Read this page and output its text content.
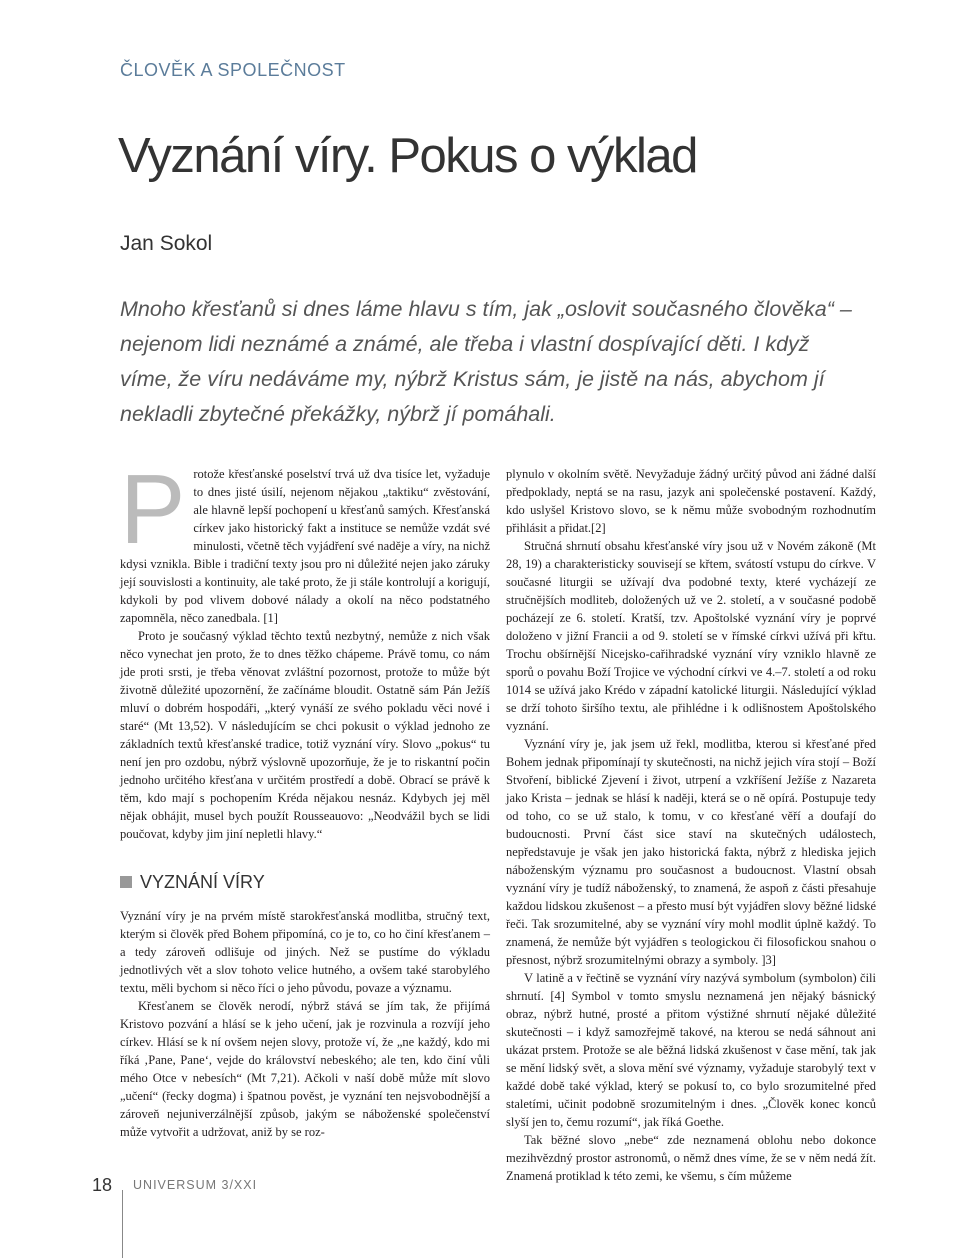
ČLOVĚK A SPOLEČNOST
Vyznání víry. Pokus o výklad
Jan Sokol

Mnoho křesťanů si dnes láme hlavu s tím, jak „oslovit současného člověka“ – nejenom lidi neznámé a známé, ale třeba i vlastní dospívající děti. I když víme, že víru nedáváme my, nýbrž Kristus sám, je jistě na nás, abychom jí nekladli zbytečné překážky, nýbrž jí pomáhali.

P rotože křesťanské poselství trvá už dva tisíce let, vyžaduje to dnes jisté úsilí, nejenom nějakou „taktiku“ zvěstování, ale hlavně lepší pochopení u křesťanů samých. Křesťanská církev jako historický fakt a instituce se nemůže vzdát své minulosti, včetně těch vyjádření své naděje a víry, na nichž kdysi vznikla. Bible i tradiční texty jsou pro ni důležité nejen jako záruky její souvislosti a kontinuity, ale také proto, že ji stále kontrolují a korigují, kdykoli by pod vlivem dobové nálady a okolí na něco podstatného zapomněla, něco zanedbala. [1]

Proto je současný výklad těchto textů nezbytný, nemůže z nich však něco vynechat jen proto, že to dnes těžko chápeme. Právě tomu, co nám jde proti srsti, je třeba věnovat zvláštní pozornost, protože to může být životně důležité upozornění, že začínáme bloudit. Ostatně sám Pán Ježíš mluví o dobrém hospodáři, „který vynáší ze svého pokladu věci nové i staré“ (Mt 13,52). V následujícím se chci pokusit o výklad jednoho ze základních textů křesťanské tradice, totiž vyznání víry. Slovo „pokus“ tu není jen pro ozdobu, nýbrž výslovně upozorňuje, že je to riskantní počin jednoho určitého křesťana v určitém prostředí a době. Obrací se právě k těm, kdo mají s pochopením Kréda nějakou nesnáz. Kdybych jej měl nějak obhájit, musel bych použít Rousseauovo: „Neodvážil bych se lidi poučovat, kdyby jim jiní nepletli hlavy.“

VYZNÁNÍ VÍRY

Vyznání víry je na prvém místě starokřesťanská modlitba, stručný text, kterým si člověk před Bohem připomíná, co je to, co ho činí křesťanem – a tedy zároveň odlišuje od jiných. Než se pustíme do výkladu jednotlivých vět a slov tohoto velice hutného, a ovšem také starobylého textu, měli bychom si něco říci o jeho původu, povaze a významu.

Křesťanem se člověk nerodí, nýbrž stává se jím tak, že přijímá Kristovo pozvání a hlásí se k jeho učení, jak je rozvinula a rozvíjí jeho církev. Hlásí se k ní ovšem nejen slovy, protože ví, že „ne každý, kdo mi říká ‚Pane, Pane‘, vejde do království nebeského; ale ten, kdo činí vůli mého Otce v nebesích“ (Mt 7,21). Ačkoli v naší době může mít slovo „učení“ (řecky dogma) i špatnou pověst, je vyznání ten nejsvobodnější a zároveň nejuniverzálnější způsob, jakým se náboženské společenství může vytvořit a udržovat, aniž by se roz-

plynulo v okolním světě. Nevyžaduje žádný určitý původ ani žádné další předpoklady, neptá se na rasu, jazyk ani společenské postavení. Každý, kdo uslyšel Kristovo slovo, se k němu může svobodným rozhodnutím přihlásit a přidat.[2]

Stručná shrnutí obsahu křesťanské víry jsou už v Novém zákoně (Mt 28, 19) a charakteristicky souvisejí se křtem, svátostí vstupu do církve. V současné liturgii se užívají dva podobné texty, které vycházejí ze stručnějších modliteb, doložených už ve 2. století, a v současné podobě pocházejí ze 6. století. Kratší, tzv. Apoštolské vyznání víry je poprvé doloženo v jižní Francii a od 9. století se v římské církvi užívá při křtu. Trochu obšírnější Nicejsko-cařihradské vyznání víry vzniklo hlavně ze sporů o povahu Boží Trojice ve východní církvi ve 4.–7. století a od roku 1014 se užívá jako Krédo v západní katolické liturgii. Následující výklad se drží tohoto širšího textu, ale přihlédne i k odlišnostem Apoštolského vyznání.

Vyznání víry je, jak jsem už řekl, modlitba, kterou si křesťané před Bohem jednak připomínají ty skutečnosti, na nichž jejich víra stojí – Boží Stvoření, biblické Zjevení i život, utrpení a vzkříšení Ježíše z Nazareta jako Krista – jednak se hlásí k naději, která se o ně opírá. Postupuje tedy od toho, co se už stalo, k tomu, v co křesťané věří a doufají do budoucnosti. První část sice staví na skutečných událostech, nepředstavuje je však jen jako historická fakta, nýbrž z hlediska jejich náboženským významu pro současnost a budoucnost. Vlastní obsah vyznání víry je tudíž náboženský, to znamená, že aspoň z části přesahuje každou lidskou zkušenost – a přesto musí být vyjádřen slovy běžné lidské řeči. Tak srozumitelné, aby se vyznání víry mohl modlit úplně každý. To znamená, že nemůže být vyjádřen s teologickou či filosofickou snahou o přesnost, nýbrž srozumitelnými obrazy a symboly. ]3]

V latině a v řečtině se vyznání víry nazývá symbolum (symbolon) čili shrnutí. [4] Symbol v tomto smyslu neznamená jen nějaký básnický obraz, nýbrž hutné, prosté a přitom výstižné shrnutí nějaké důležité skutečnosti – i když samozřejmě takové, na kterou se nedá sáhnout ani ukázat prstem. Protože se ale běžná lidská zkušenost v čase mění, tak jak se mění lidský svět, a slova mění své významy, vyžaduje starobylý text v každé době také výklad, který se pokusí to, co bylo srozumitelné před staletími, učinit podobně srozumitelným i dnes. „Člověk konec konců slyší jen to, čemu rozumí“, jak říká Goethe.

Tak běžné slovo „nebe“ zde neznamená oblohu nebo dokonce mezihvězdný prostor astronomů, o němž dnes víme, že se v něm nedá žít. Znamená protiklad k této zemi, ke všemu, s čím můžeme

18	UNIVERSUM 3/XXI
